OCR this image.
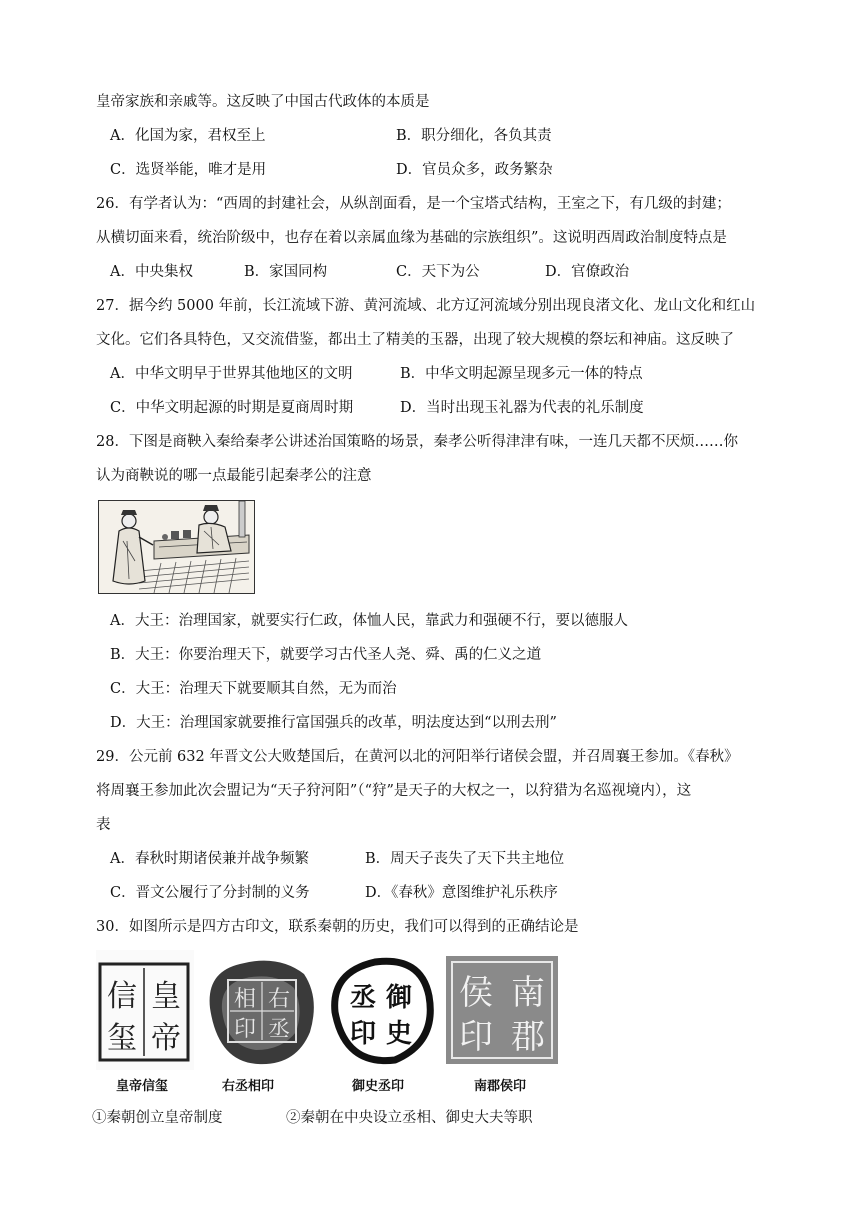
皇帝家族和亲戚等。这反映了中国古代政体的本质是
A．化国为家，君权至上	B．职分细化，各负其责
C．选贤举能，唯才是用	D．官员众多，政务繁杂
26．有学者认为：“西周的封建社会，从纵剖面看，是一个宝塔式结构，王室之下，有几级的封建；
从横切面来看，统治阶级中，也存在着以亲属血缘为基础的宗族组织”。这说明西周政治制度特点是
A．中央集权	B．家国同构	C．天下为公	D．官僚政治
27．据今约 5000 年前，长江流域下游、黄河流域、北方辽河流域分别出现良渚文化、龙山文化和红山
文化。它们各具特色，又交流借鉴，都出土了精美的玉器，出现了较大规模的祭坛和神庙。这反映了
A．中华文明早于世界其他地区的文明	B．中华文明起源呈现多元一体的特点
C．中华文明起源的时期是夏商周时期	D．当时出现玉礼器为代表的礼乐制度
28．下图是商鞅入秦给秦孝公讲述治国策略的场景，秦孝公听得津津有味，一连几天都不厌烦……你
认为商鞅说的哪一点最能引起秦孝公的注意
A．大王：治理国家，就要实行仁政，体恤人民，靠武力和强硬不行，要以德服人
B．大王：你要治理天下，就要学习古代圣人尧、舜、禹的仁义之道
C．大王：治理天下就要顺其自然，无为而治
D．大王：治理国家就要推行富国强兵的改革，明法度达到“以刑去刑”
29．公元前 632 年晋文公大败楚国后，在黄河以北的河阳举行诸侯会盟，并召周襄王参加。《春秋》
将周襄王参加此次会盟记为“天子狩河阳”（“狩”是天子的大权之一，以狩猎为名巡视境内），这
表
A．春秋时期诸侯兼并战争频繁	B．周天子丧失了天下共主地位
C．晋文公履行了分封制的义务	D．《春秋》意图维护礼乐秩序
30．如图所示是四方古印文，联系秦朝的历史，我们可以得到的正确结论是
皇
帝
信
玺
右
丞
相
印
御
史
丞
印
南
郡
侯
印
皇帝信玺	右丞相印	御史丞印	南郡侯印
①秦朝创立皇帝制度	②秦朝在中央设立丞相、御史大夫等职
